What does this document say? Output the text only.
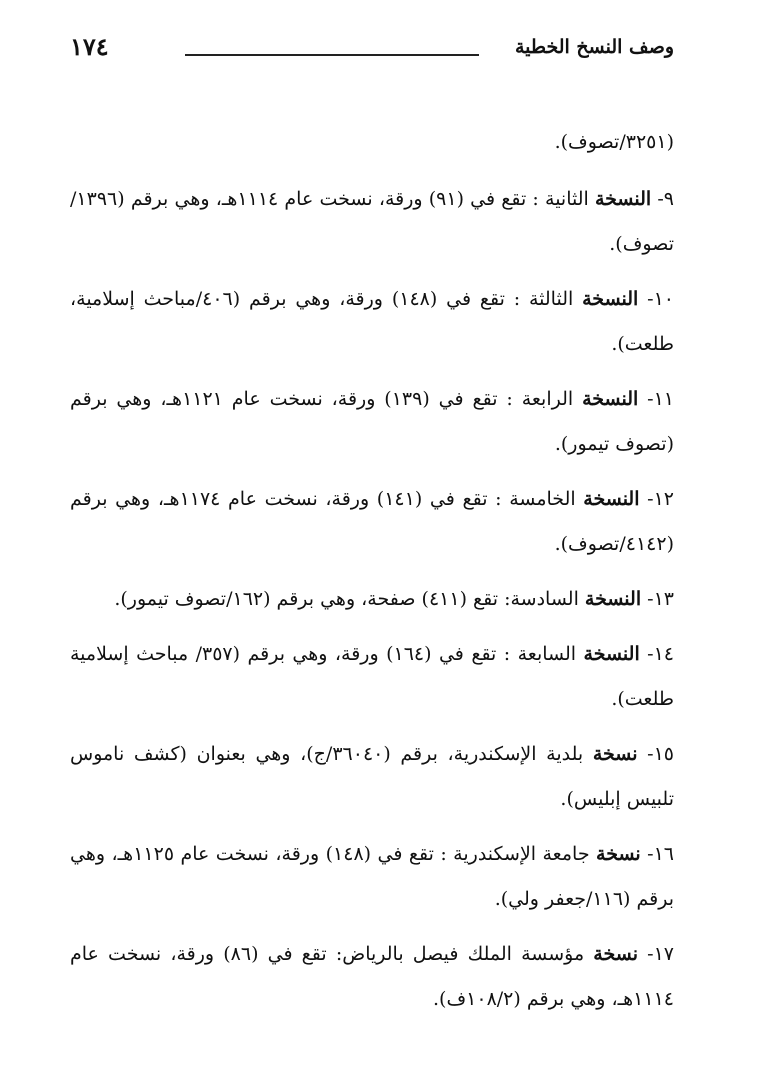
وصف النسخ الخطية
١٧٤

(٣٢٥١/تصوف).

٩- النسخة الثانية : تقع في (٩١) ورقة، نسخت عام ١١١٤هـ، وهي برقم (١٣٩٦/تصوف).

١٠- النسخة الثالثة : تقع في (١٤٨) ورقة، وهي برقم (٤٠٦/مباحث إسلامية، طلعت).

١١- النسخة الرابعة : تقع في (١٣٩) ورقة، نسخت عام ١١٢١هـ، وهي برقم (تصوف تيمور).

١٢- النسخة الخامسة : تقع في (١٤١) ورقة، نسخت عام ١١٧٤هـ، وهي برقم (٤١٤٢/تصوف).

١٣- النسخة السادسة: تقع (٤١١) صفحة، وهي برقم (١٦٢/تصوف تيمور).

١٤- النسخة السابعة : تقع في (١٦٤) ورقة، وهي برقم (٣٥٧/ مباحث إسلامية طلعت).

١٥- نسخة بلدية الإسكندرية، برقم (٣٦٠٤٠/ج)، وهي بعنوان (كشف ناموس تلبيس إبليس).

١٦- نسخة جامعة الإسكندرية : تقع في (١٤٨) ورقة، نسخت عام ١١٢٥هـ، وهي برقم (١١٦/جعفر ولي).

١٧- نسخة مؤسسة الملك فيصل بالرياض: تقع في (٨٦) ورقة، نسخت عام ١١١٤هـ، وهي برقم (١٠٨/٢ف).
